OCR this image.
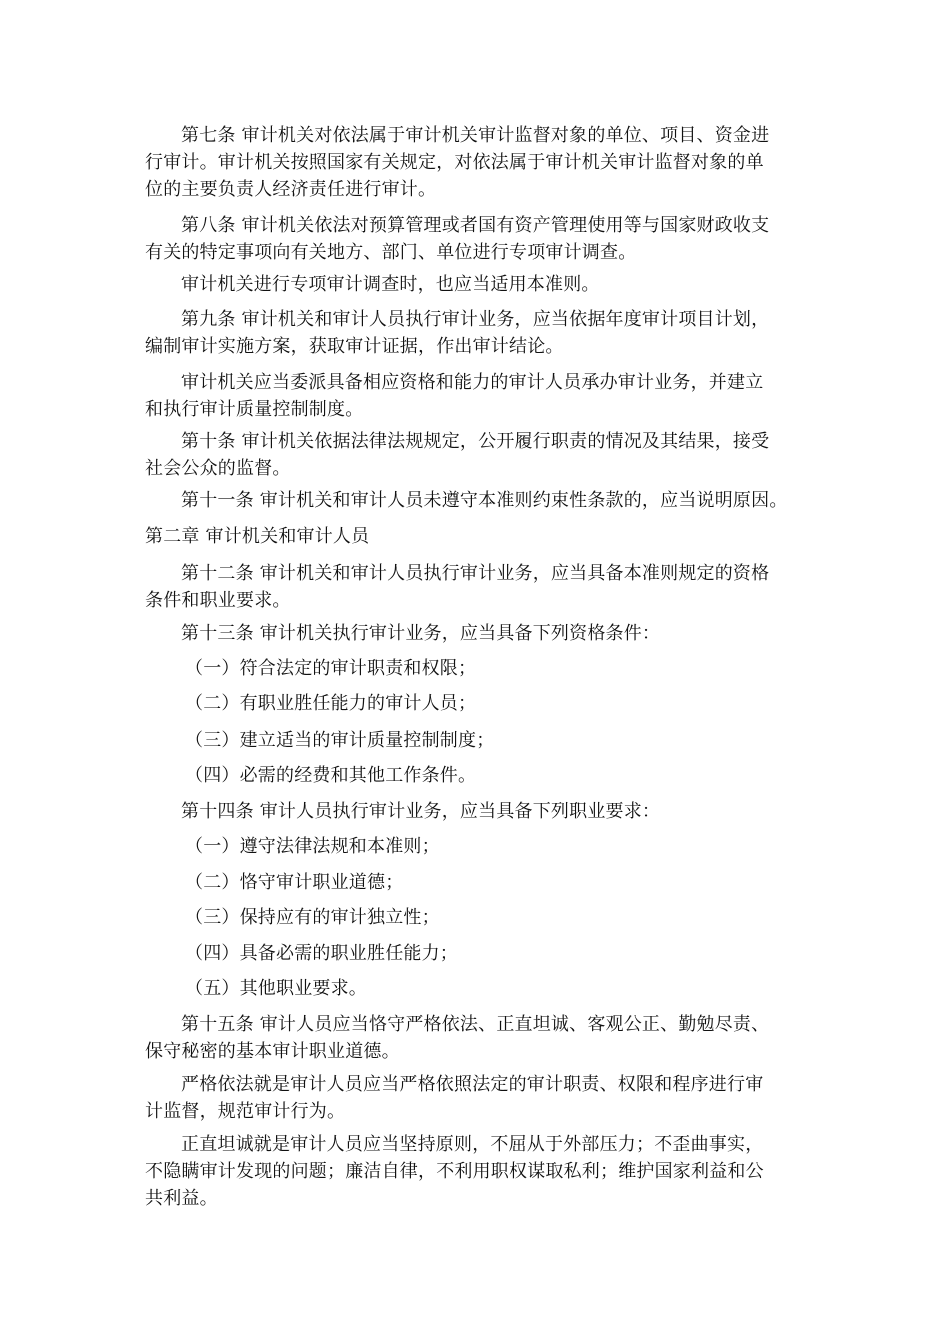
第七条 审计机关对依法属于审计机关审计监督对象的单位、项目、资金进
行审计。审计机关按照国家有关规定，对依法属于审计机关审计监督对象的单
位的主要负责人经济责任进行审计。

第八条 审计机关依法对预算管理或者国有资产管理使用等与国家财政收支
有关的特定事项向有关地方、部门、单位进行专项审计调查。

审计机关进行专项审计调查时，也应当适用本准则。

第九条 审计机关和审计人员执行审计业务，应当依据年度审计项目计划，
编制审计实施方案，获取审计证据，作出审计结论。

审计机关应当委派具备相应资格和能力的审计人员承办审计业务，并建立
和执行审计质量控制制度。

第十条 审计机关依据法律法规规定，公开履行职责的情况及其结果，接受
社会公众的监督。

第十一条 审计机关和审计人员未遵守本准则约束性条款的，应当说明原因。

第二章 审计机关和审计人员

第十二条 审计机关和审计人员执行审计业务，应当具备本准则规定的资格
条件和职业要求。

第十三条 审计机关执行审计业务，应当具备下列资格条件：

（一）符合法定的审计职责和权限；

（二）有职业胜任能力的审计人员；

（三）建立适当的审计质量控制制度；

（四）必需的经费和其他工作条件。

第十四条 审计人员执行审计业务，应当具备下列职业要求：

（一）遵守法律法规和本准则；

（二）恪守审计职业道德；

（三）保持应有的审计独立性；

（四）具备必需的职业胜任能力；

（五）其他职业要求。

第十五条 审计人员应当恪守严格依法、正直坦诚、客观公正、勤勉尽责、
保守秘密的基本审计职业道德。

严格依法就是审计人员应当严格依照法定的审计职责、权限和程序进行审
计监督，规范审计行为。

正直坦诚就是审计人员应当坚持原则，不屈从于外部压力；不歪曲事实，
不隐瞒审计发现的问题；廉洁自律，不利用职权谋取私利；维护国家利益和公
共利益。
